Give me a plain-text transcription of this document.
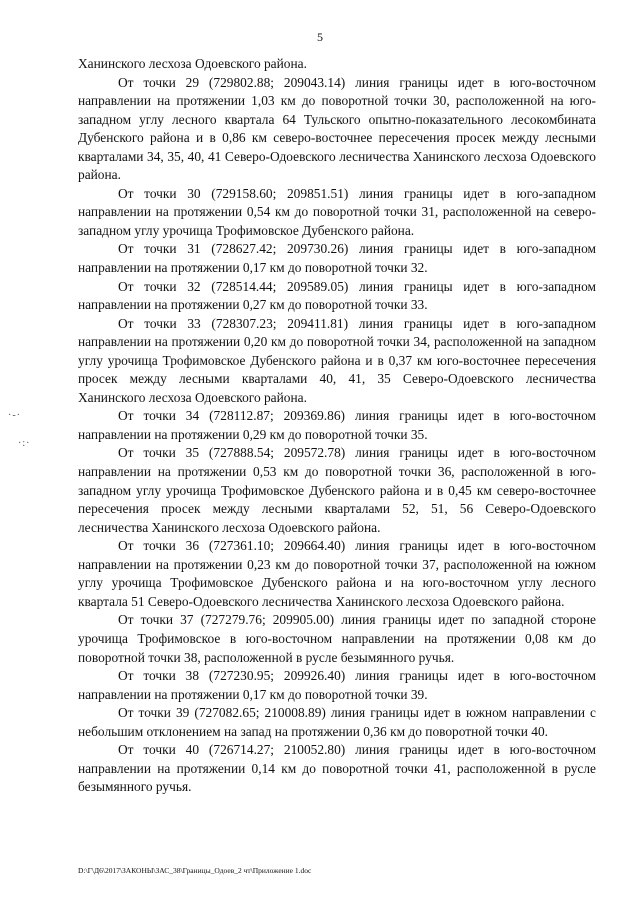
5
·‑·
·:·

Ханинского лесхоза Одоевского района.

От точки 29 (729802.88; 209043.14) линия границы идет в юго-восточном направлении на протяжении 1,03 км до поворотной точки 30, расположенной на юго-западном углу лесного квартала 64 Тульского опытно-показательного лесокомбината Дубенского района и в 0,86 км северо-восточнее пересечения просек между лесными кварталами 34, 35, 40, 41 Северо-Одоевского лесничества Ханинского лесхоза Одоевского района.

От точки 30 (729158.60; 209851.51) линия границы идет в юго-западном направлении на протяжении 0,54 км до поворотной точки 31, расположенной на северо-западном углу урочища Трофимовское Дубенского района.

От точки 31 (728627.42; 209730.26) линия границы идет в юго-западном направлении на протяжении 0,17 км до поворотной точки 32.

От точки 32 (728514.44; 209589.05) линия границы идет в юго-западном направлении на протяжении 0,27 км до поворотной точки 33.

От точки 33 (728307.23; 209411.81) линия границы идет в юго-западном направлении на протяжении 0,20 км до поворотной точки 34, расположенной на западном углу урочища Трофимовское Дубенского района и в 0,37 км юго-восточнее пересечения просек между лесными кварталами 40, 41, 35 Северо-Одоевского лесничества Ханинского лесхоза Одоевского района.

От точки 34 (728112.87; 209369.86) линия границы идет в юго-восточном направлении на протяжении 0,29 км до поворотной точки 35.

От точки 35 (727888.54; 209572.78) линия границы идет в юго-восточном направлении на протяжении 0,53 км до поворотной точки 36, расположенной в юго-западном углу урочища Трофимовское Дубенского района и в 0,45 км северо-восточнее пересечения просек между лесными кварталами 52, 51, 56 Северо-Одоевского лесничества Ханинского лесхоза Одоевского района.

От точки 36 (727361.10; 209664.40) линия границы идет в юго-восточном направлении на протяжении 0,23 км до поворотной точки 37, расположенной на южном углу урочища Трофимовское Дубенского района и на юго-восточном углу лесного квартала 51 Северо-Одоевского лесничества Ханинского лесхоза Одоевского района.

От точки 37 (727279.76; 209905.00) линия границы идет по западной стороне урочища Трофимовское в юго-восточном направлении на протяжении 0,08 км до поворотной точки 38, расположенной в русле безымянного ручья.

От точки 38 (727230.95; 209926.40) линия границы идет в юго-восточном направлении на протяжении 0,17 км до поворотной точки 39.

От точки 39 (727082.65; 210008.89) линия границы идет в южном направлении с небольшим отклонением на запад на протяжении 0,36 км до поворотной точки 40.

От точки 40 (726714.27; 210052.80) линия границы идет в юго-восточном направлении на протяжении 0,14 км до поворотной точки 41, расположенной в русле безымянного ручья.

D:\Г\Д6\2017\ЗАКОНЫ\ЗАС_38\Границы_Одоев_2 чт\Приложение 1.doc
